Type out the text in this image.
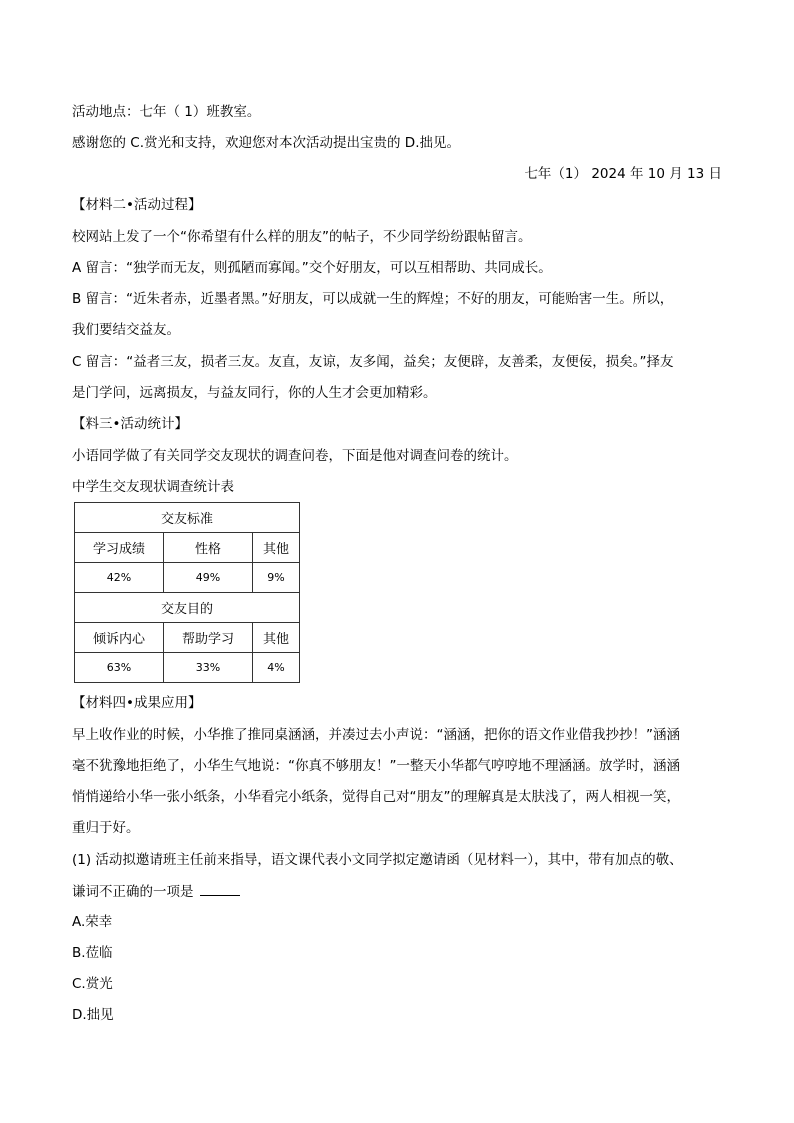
活动地点：七年（ 1）班教室。
感谢您的 C.赏光和支持，欢迎您对本次活动提出宝贵的 D.拙见。
七年（1） 2024 年 10 月 13 日
【材料二•活动过程】
校网站上发了一个“你希望有什么样的朋友”的帖子，不少同学纷纷跟帖留言。
A 留言：“独学而无友，则孤陋而寡闻。”交个好朋友，可以互相帮助、共同成长。
B 留言：“近朱者赤，近墨者黑。”好朋友，可以成就一生的辉煌；不好的朋友，可能贻害一生。所以，
我们要结交益友。
C 留言：“益者三友，损者三友。友直，友谅，友多闻，益矣；友便辟，友善柔，友便佞，损矣。”择友
是门学问，远离损友，与益友同行，你的人生才会更加精彩。
【料三•活动统计】
小语同学做了有关同学交友现状的调查问卷，下面是他对调查问卷的统计。
中学生交友现状调查统计表
交友标准		
学习成绩	性格	其他
42%	49%	9%
交友目的		
倾诉内心	帮助学习	其他
63%	33%	4%
【材料四•成果应用】
早上收作业的时候，小华推了推同桌涵涵，并凑过去小声说：“涵涵，把你的语文作业借我抄抄！”涵涵
毫不犹豫地拒绝了，小华生气地说：“你真不够朋友！”一整天小华都气哼哼地不理涵涵。放学时，涵涵
悄悄递给小华一张小纸条，小华看完小纸条，觉得自己对“朋友”的理解真是太肤浅了，两人相视一笑，
重归于好。
(1) 活动拟邀请班主任前来指导，语文课代表小文同学拟定邀请函（见材料一），其中，带有加点的敬、
谦词不正确的一项是
A.荣幸
B.莅临
C.赏光
D.拙见
